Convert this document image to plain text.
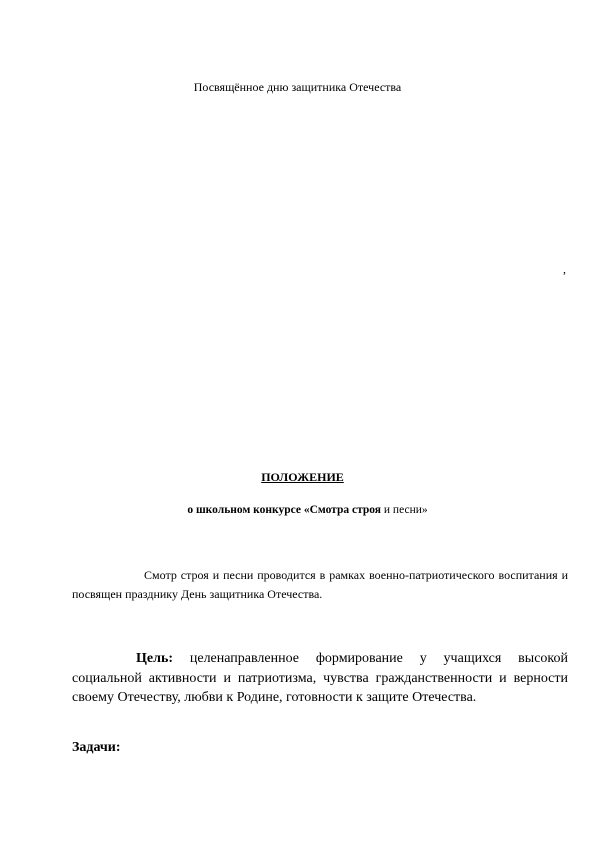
Посвящённое дню защитника Отечества
,
ПОЛОЖЕНИЕ
о школьном конкурсе «Смотра строя и песни»
Смотр строя и песни проводится в рамках военно-патриотического воспитания и посвящен празднику День защитника Отечества.
Цель: целенаправленное формирование у учащихся высокой социальной активности и патриотизма, чувства гражданственности и верности своему Отечеству, любви к Родине, готовности к защите Отечества.
Задачи:
